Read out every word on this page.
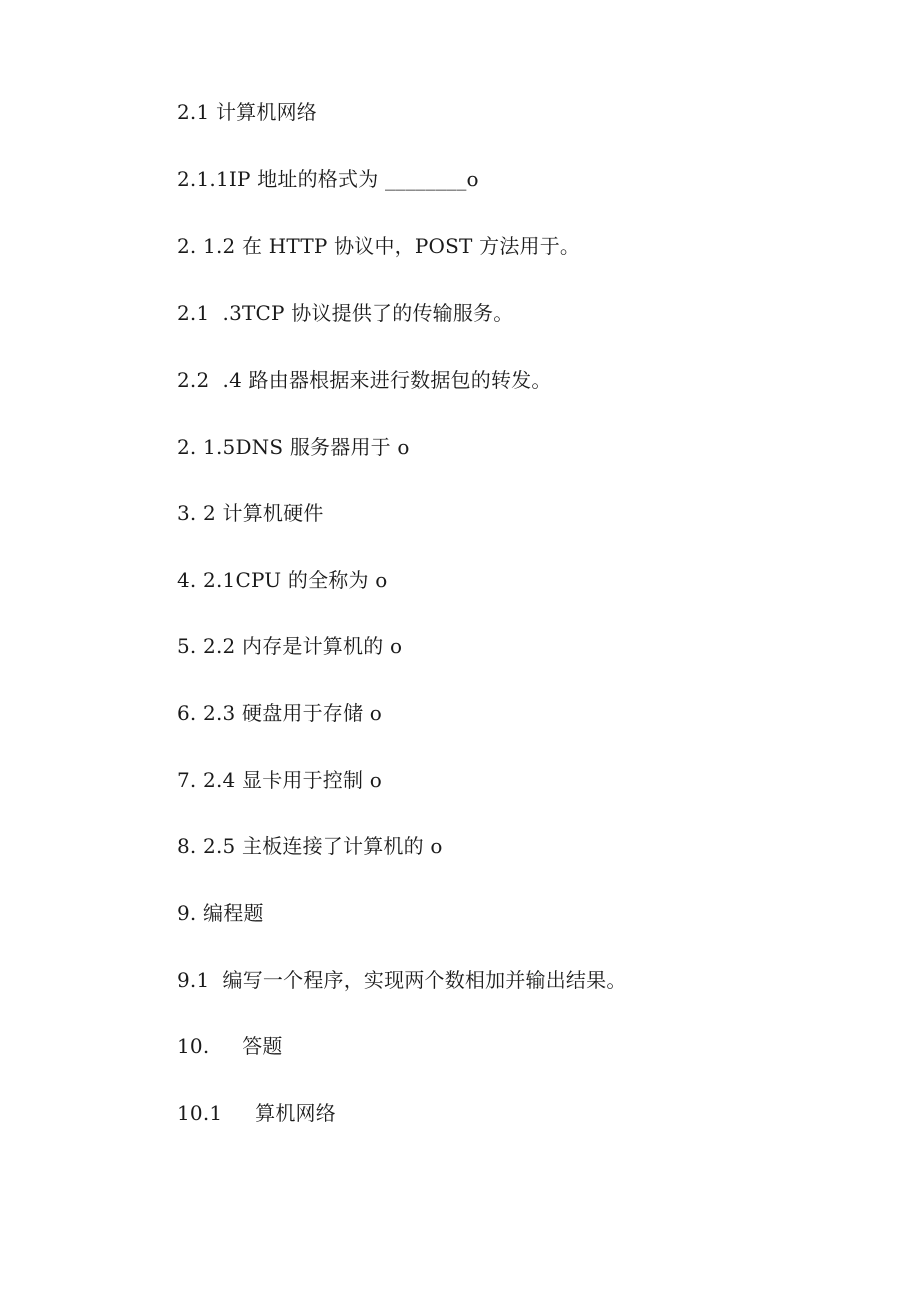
2.1 计算机网络
2.1.1IP 地址的格式为 ________o
2. 1.2 在 HTTP 协议中，POST 方法用于。
2.1  .3TCP 协议提供了的传输服务。
2.2  .4 路由器根据来进行数据包的转发。
2. 1.5DNS 服务器用于 o
3. 2 计算机硬件
4. 2.1CPU 的全称为 o
5. 2.2 内存是计算机的 o
6. 2.3 硬盘用于存储 o
7. 2.4 显卡用于控制 o
8. 2.5 主板连接了计算机的 o
9. 编程题
9.1  编写一个程序，实现两个数相加并输出结果。
10.     答题
10.1     算机网络
